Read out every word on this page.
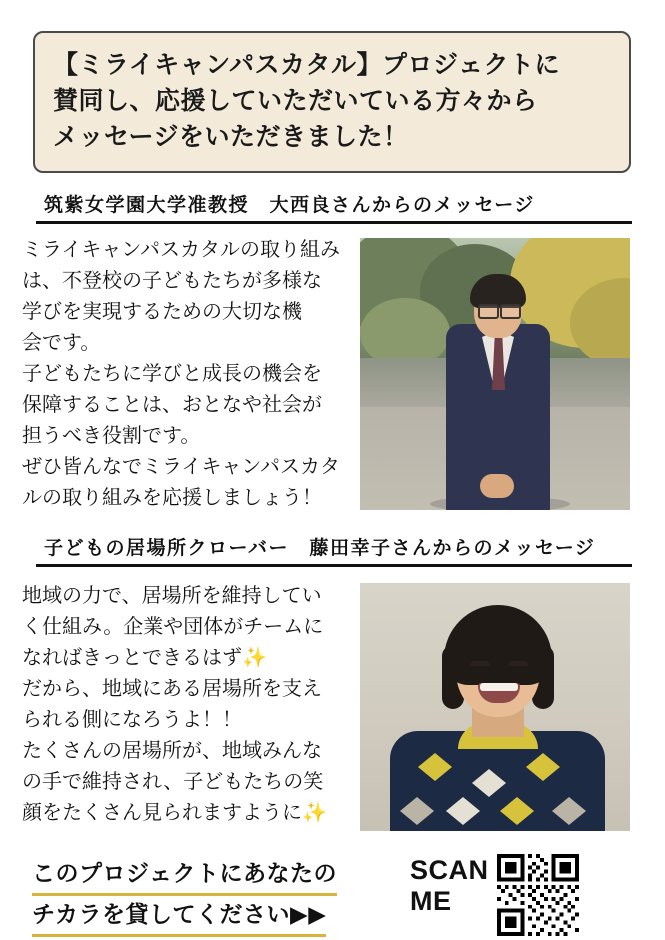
【ミライキャンパスカタル】プロジェクトに
賛同し、応援していただいている方々から
メッセージをいただきました！
筑紫女学園大学准教授　大西良さんからのメッセージ

ミライキャンパスカタルの取り組み

は、不登校の子どもたちが多様な

学びを実現するための大切な機

会です。

子どもたちに学びと成長の機会を

保障することは、おとなや社会が

担うべき役割です。

ぜひ皆んなでミライキャンパスカタ

ルの取り組みを応援しましょう！

子どもの居場所クローバー　藤田幸子さんからのメッセージ

地域の力で、居場所を維持してい

く仕組み。企業や団体がチームに

なればきっとできるはず✨

だから、地域にある居場所を支え

られる側になろうよ！！

たくさんの居場所が、地域みんな

の手で維持され、子どもたちの笑

顔をたくさん見られますように✨

このプロジェクトにあなたの
チカラを貸してください▶▶
SCAN
ME
